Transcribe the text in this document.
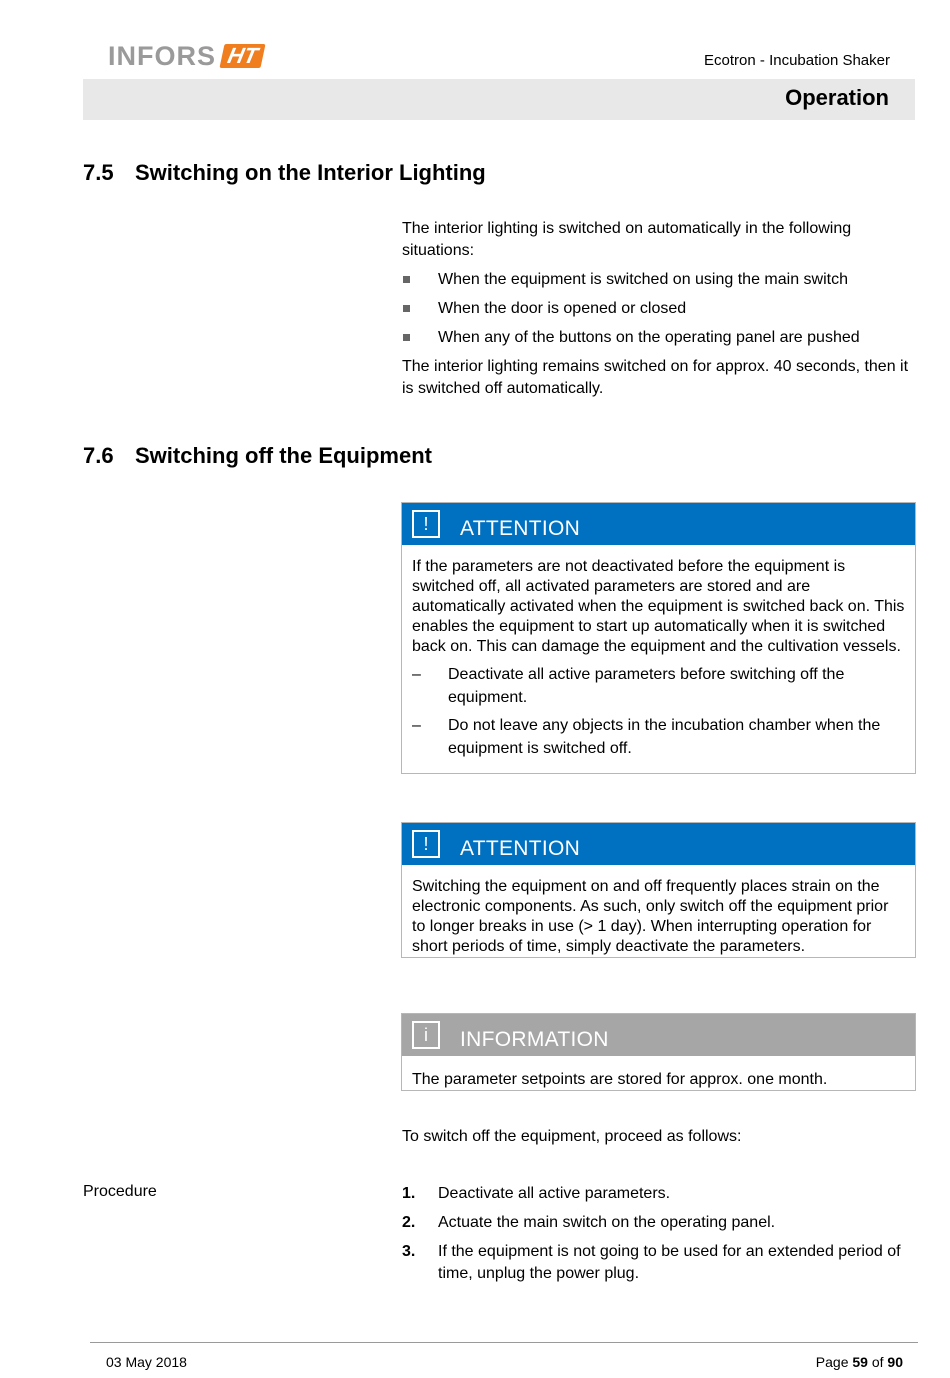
INFORS HT	Ecotron - Incubation Shaker
Operation
7.5 Switching on the Interior Lighting
The interior lighting is switched on automatically in the following situations:
When the equipment is switched on using the main switch
When the door is opened or closed
When any of the buttons on the operating panel are pushed
The interior lighting remains switched on for approx. 40 seconds, then it is switched off automatically.
7.6 Switching off the Equipment
!	ATTENTION
If the parameters are not deactivated before the equipment is switched off, all activated parameters are stored and are automatically activated when the equipment is switched back on. This enables the equipment to start up automatically when it is switched back on. This can damage the equipment and the cultivation vessels.
– Deactivate all active parameters before switching off the equipment.
– Do not leave any objects in the incubation chamber when the equipment is switched off.
!	ATTENTION
Switching the equipment on and off frequently places strain on the electronic components. As such, only switch off the equipment prior to longer breaks in use (> 1 day). When interrupting operation for short periods of time, simply deactivate the parameters.
i	INFORMATION
The parameter setpoints are stored for approx. one month.
To switch off the equipment, proceed as follows:
Procedure	1. Deactivate all active parameters.
2. Actuate the main switch on the operating panel.
3. If the equipment is not going to be used for an extended period of time, unplug the power plug.
03 May 2018	Page 59 of 90
